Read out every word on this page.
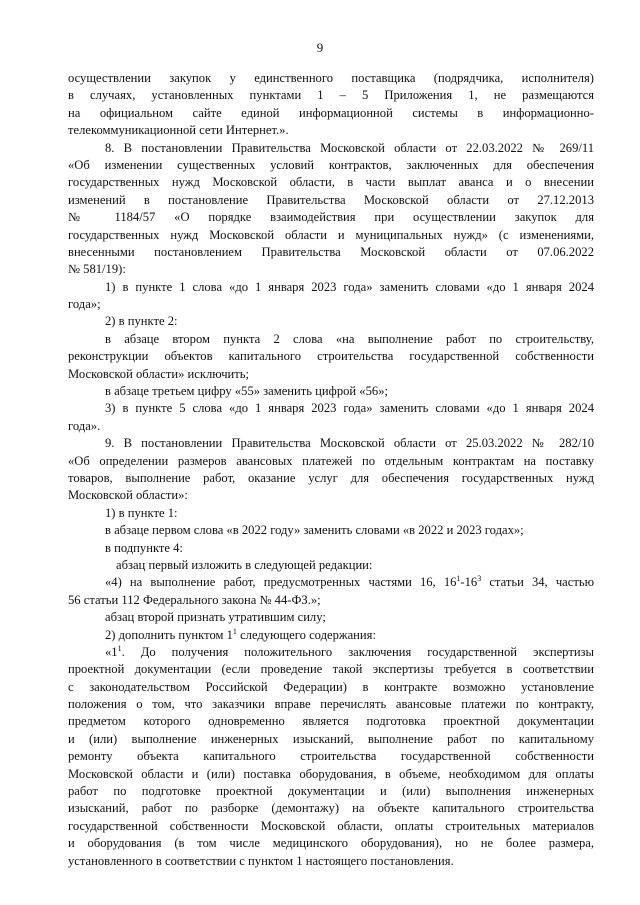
9
осуществлении закупок у единственного поставщика (подрядчика, исполнителя)
в случаях, установленных пунктами 1 – 5 Приложения 1, не размещаются
на официальном сайте единой информационной системы в информационно-
телекоммуникационной сети Интернет.».
8. В постановлении Правительства Московской области от 22.03.2022 № 269/11
«Об изменении существенных условий контрактов, заключенных для обеспечения
государственных нужд Московской области, в части выплат аванса и о внесении
изменений в постановление Правительства Московской области от 27.12.2013
№ 1184/57 «О порядке взаимодействия при осуществлении закупок для
государственных нужд Московской области и муниципальных нужд» (с изменениями,
внесенными постановлением Правительства Московской области от 07.06.2022
№ 581/19):
1) в пункте 1 слова «до 1 января 2023 года» заменить словами «до 1 января 2024
года»;
2) в пункте 2:
в абзаце втором пункта 2 слова «на выполнение работ по строительству,
реконструкции объектов капитального строительства государственной собственности
Московской области» исключить;
в абзаце третьем цифру «55» заменить цифрой «56»;
3) в пункте 5 слова «до 1 января 2023 года» заменить словами «до 1 января 2024
года».
9. В постановлении Правительства Московской области от 25.03.2022 № 282/10
«Об определении размеров авансовых платежей по отдельным контрактам на поставку
товаров, выполнение работ, оказание услуг для обеспечения государственных нужд
Московской области»:
1) в пункте 1:
в абзаце первом слова «в 2022 году» заменить словами «в 2022 и 2023 годах»;
в подпункте 4:
абзац первый изложить в следующей редакции:
«4) на выполнение работ, предусмотренных частями 16, $16^1-16^3$ статьи 34, частью
56 статьи 112 Федерального закона № 44-ФЗ.»;
абзац второй признать утратившим силу;
2) дополнить пунктом $1^1$ следующего содержания:
«$1^1$. До получения положительного заключения государственной экспертизы
проектной документации (если проведение такой экспертизы требуется в соответствии
с законодательством Российской Федерации) в контракте возможно установление
положения о том, что заказчики вправе перечислять авансовые платежи по контракту,
предметом которого одновременно является подготовка проектной документации
и (или) выполнение инженерных изысканий, выполнение работ по капитальному
ремонту объекта капитального строительства государственной собственности
Московской области и (или) поставка оборудования, в объеме, необходимом для оплаты
работ по подготовке проектной документации и (или) выполнения инженерных
изысканий, работ по разборке (демонтажу) на объекте капитального строительства
государственной собственности Московской области, оплаты строительных материалов
и оборудования (в том числе медицинского оборудования), но не более размера,
установленного в соответствии с пунктом 1 настоящего постановления.
